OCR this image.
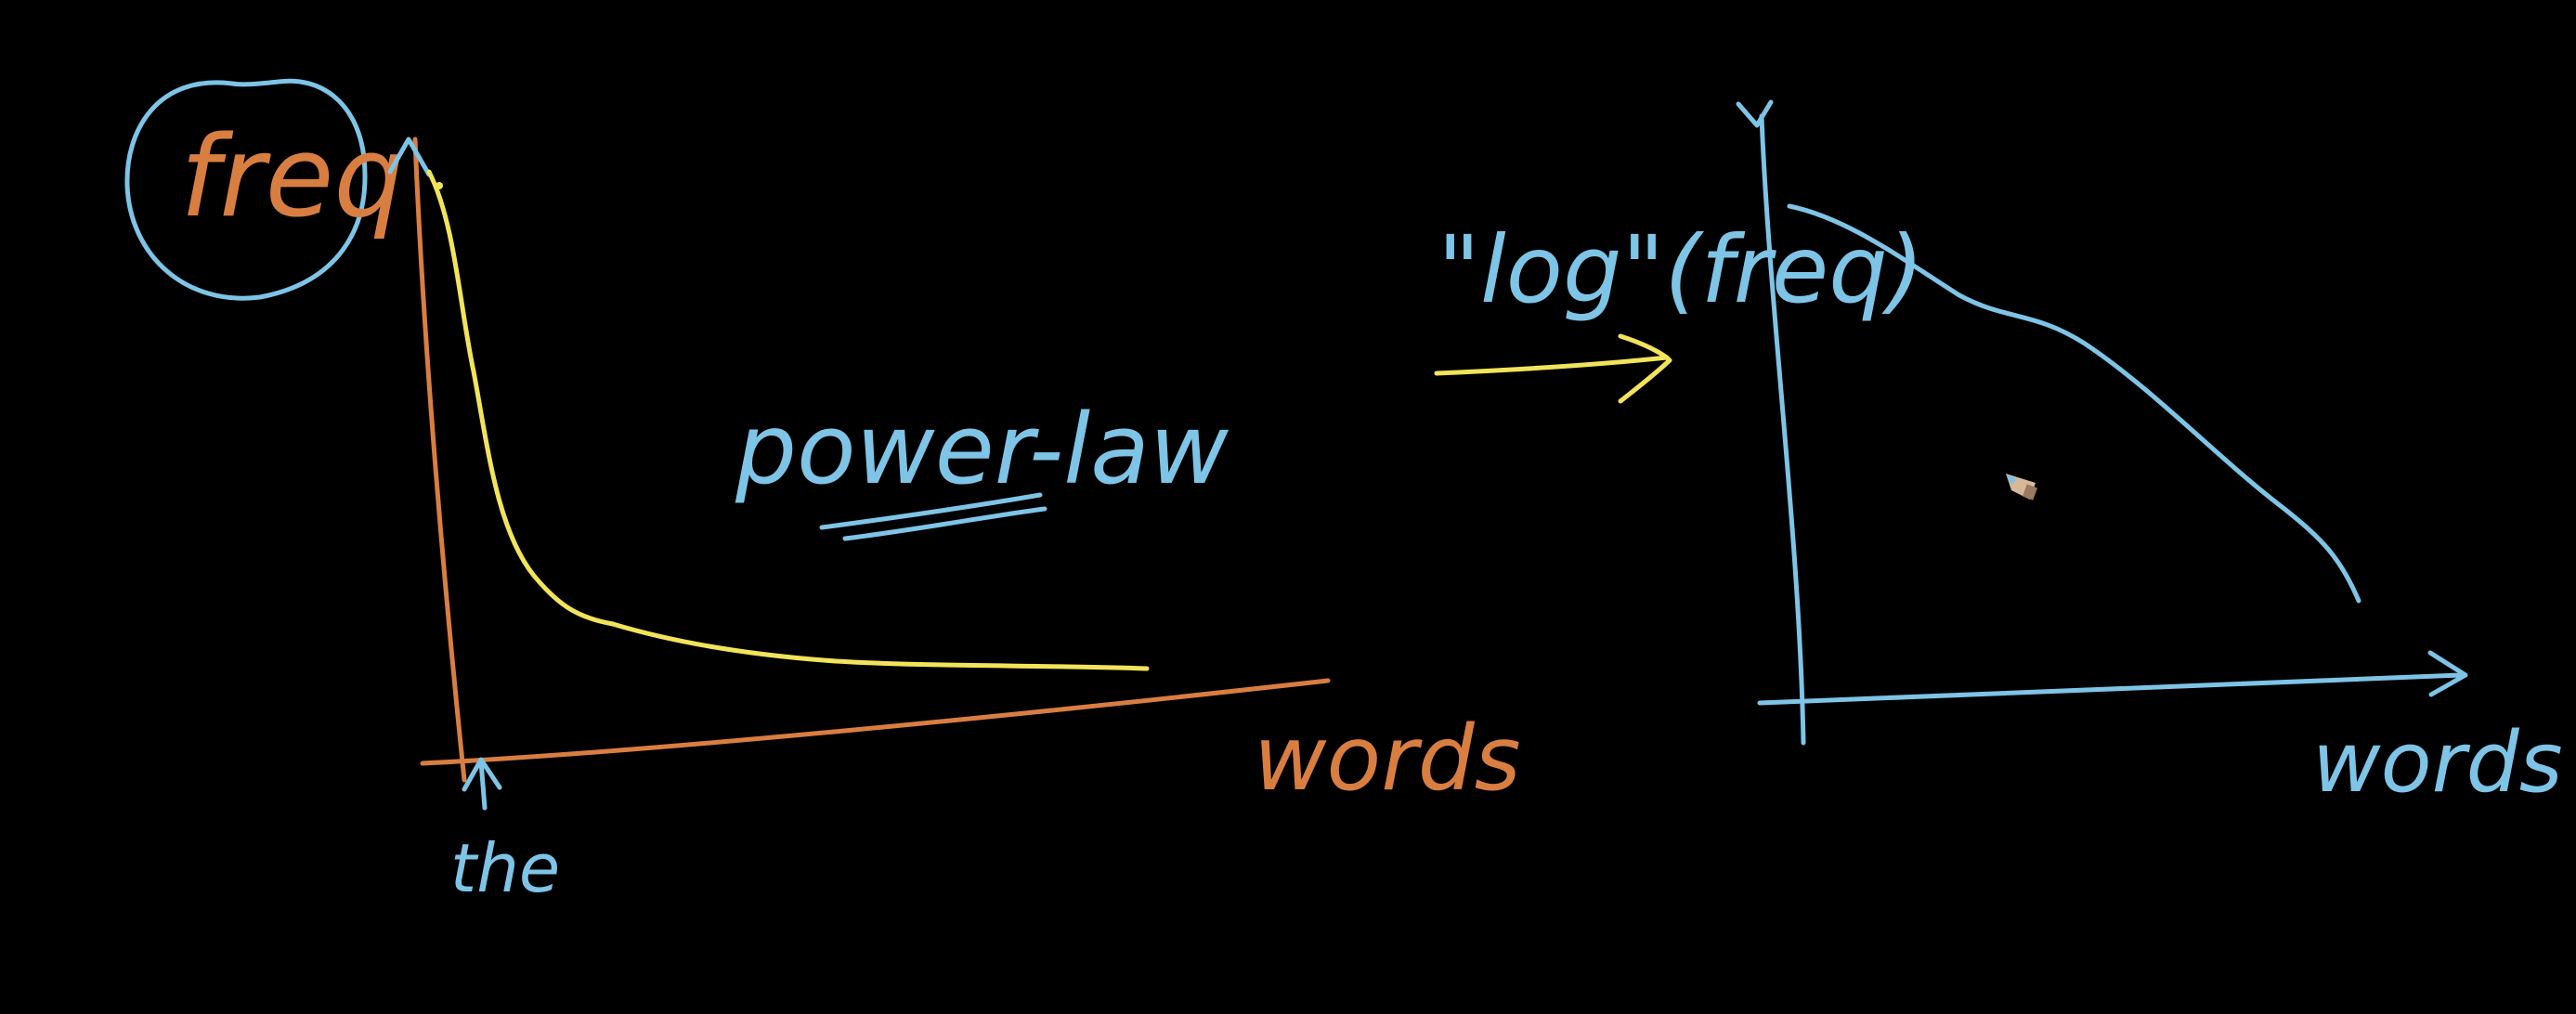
freq
power-law
words
the
"log"(freq)
words
